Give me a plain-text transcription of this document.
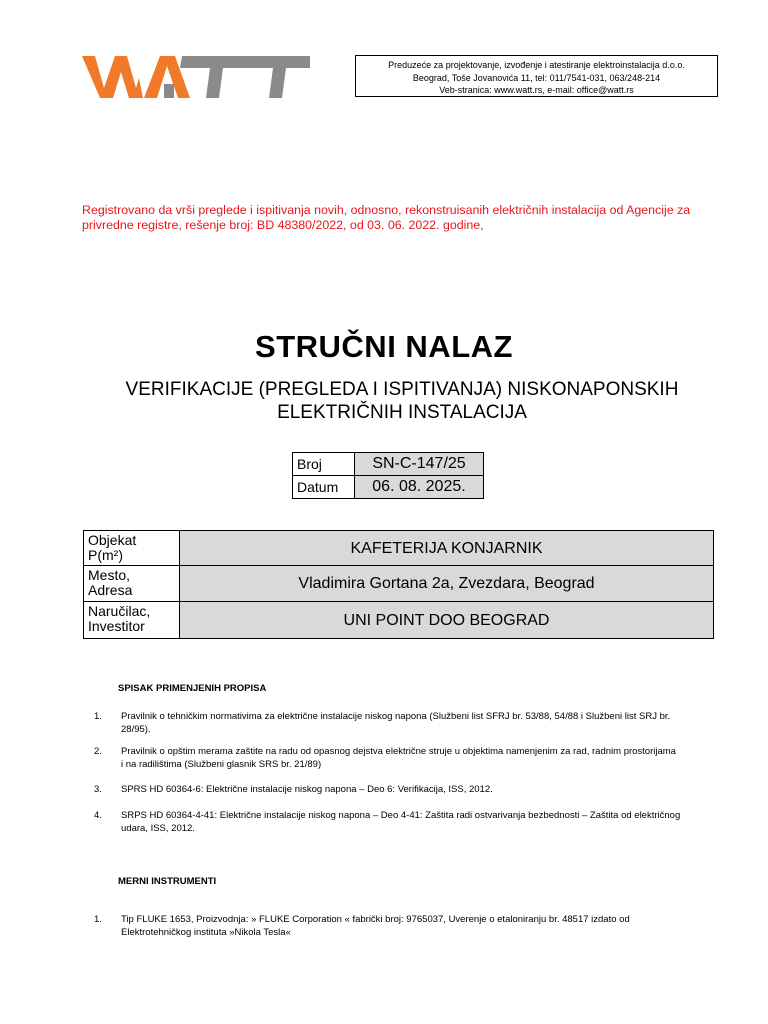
Preduzeće za projektovanje, izvođenje i atestiranje elektroinstalacija d.o.o.
Beograd, Toše Jovanovića 11, tel: 011/7541-031, 063/248-214
Veb-stranica: www.watt.rs, e-mail: office@watt.rs
Registrovano da vrši preglede i ispitivanja novih, odnosno, rekonstruisanih električnih instalacija od Agencije za
privredne registre, rešenje broj: BD 48380/2022, od 03. 06. 2022. godine,
STRUČNI NALAZ
VERIFIKACIJE (PREGLEDA I ISPITIVANJA) NISKONAPONSKIH
ELEKTRIČNIH INSTALACIJA
Broj	SN-C-147/25
Datum	06. 08. 2025.
Objekat
P(m²)	KAFETERIJA KONJARNIK

Mesto,
Adresa	Vladimira Gortana 2a, Zvezdara, Beograd

Naručilac,
Investitor	UNI POINT DOO BEOGRAD
SPISAK PRIMENJENIH PROPISA
1. Pravilnik o tehničkim normativima za električne instalacije niskog napona (Službeni list SFRJ br. 53/88, 54/88 i Službeni list SRJ br.
28/95).
2. Pravilnik o opštim merama zaštite na radu od opasnog dejstva električne struje u objektima namenjenim za rad, radnim prostorijama
i na radilištima (Službeni glasnik SRS br. 21/89)
3. SPRS HD 60364-6: Električne instalacije niskog napona – Deo 6: Verifikacija, ISS, 2012.
4. SRPS HD 60364-4-41: Električne instalacije niskog napona – Deo 4-41: Zaštita radi ostvarivanja bezbednosti – Zaštita od električnog
udara, ISS, 2012.
MERNI INSTRUMENTI
1. Tip FLUKE 1653, Proizvodnja: » FLUKE Corporation « fabrički broj: 9765037, Uverenje o etaloniranju br. 48517 izdato od
Elektrotehničkog instituta »Nikola Tesla«
